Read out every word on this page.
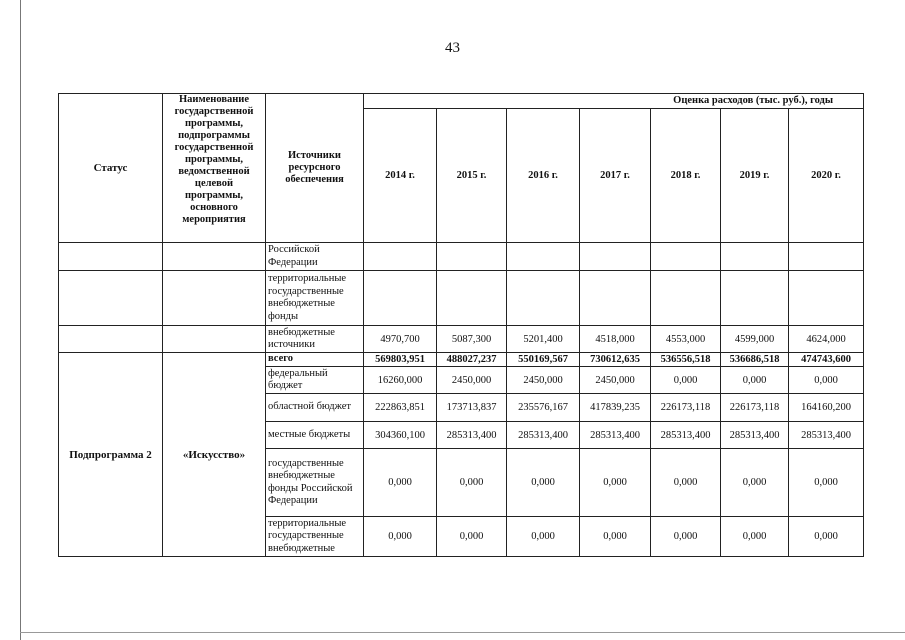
43
Статус	Наименование государственной программы, подпрограммы государственной программы, ведомственной целевой программы, основного мероприятия	Источники ресурсного обеспечения	Оценка расходов (тыс. руб.), годы						
			2014 г.	2015 г.	2016 г.	2017 г.	2018 г.	2019 г.	2020 г.
		Российской Федерации							
		территориальные государственные внебюджетные фонды							
		внебюджетные источники	4970,700	5087,300	5201,400	4518,000	4553,000	4599,000	4624,000
Подпрограмма 2	«Искусство»	всего	569803,951	488027,237	550169,567	730612,635	536556,518	536686,518	474743,600
		федеральный бюджет	16260,000	2450,000	2450,000	2450,000	0,000	0,000	0,000
		областной бюджет	222863,851	173713,837	235576,167	417839,235	226173,118	226173,118	164160,200
		местные бюджеты	304360,100	285313,400	285313,400	285313,400	285313,400	285313,400	285313,400
		государственные внебюджетные фонды Российской Федерации	0,000	0,000	0,000	0,000	0,000	0,000	0,000
		территориальные государственные внебюджетные	0,000	0,000	0,000	0,000	0,000	0,000	0,000
